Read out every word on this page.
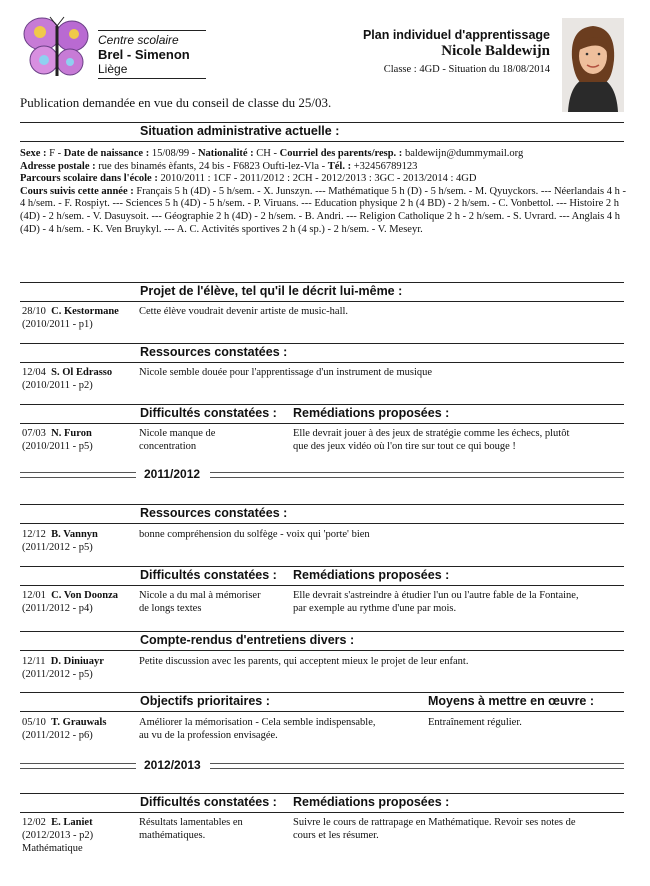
Centre scolaire
Brel - Simenon
Liège
Plan individuel d'apprentissage
Nicole Baldewijn
Classe : 4GD - Situation du 18/08/2014
Publication demandée en vue du conseil de classe du 25/03.
Situation administrative actuelle :
Sexe : F - Date de naissance : 15/08/99 - Nationalité : CH - Courriel des parents/resp. : baldewijn@dummymail.org
Adresse postale : rue des binamés èfants, 24 bis - F6823 Oufti-lez-Vla - Tél. : +32456789123
Parcours scolaire dans l'école : 2010/2011 : 1CF - 2011/2012 : 2CH - 2012/2013 : 3GC - 2013/2014 : 4GD
Cours suivis cette année : Français 5 h (4D) - 5 h/sem. - X. Junszyn. --- Mathématique 5 h (D) - 5 h/sem. - M. Qyuyckors. --- Néerlandais 4 h - 4 h/sem. - F. Rospiyt. --- Sciences 5 h (4D) - 5 h/sem. - P. Viruans. --- Education physique 2 h (4 BD) - 2 h/sem. - C. Vonbettol. --- Histoire 2 h (4D) - 2 h/sem. - V. Dasuysoit. --- Géographie 2 h (4D) - 2 h/sem. - B. Andri. --- Religion Catholique 2 h - 2 h/sem. - S. Uvrard. --- Anglais 4 h (4D) - 4 h/sem. - K. Ven Bruykyl. --- A. C. Activités sportives 2 h (4 sp.) - 2 h/sem. - V. Meseyr.
Projet de l'élève, tel qu'il le décrit lui-même :
28/10 C. Kestormane
(2010/2011 - p1)
Cette élève voudrait devenir artiste de music-hall.
Ressources constatées :
12/04 S. Ol Edrasso
(2010/2011 - p2)
Nicole semble douée pour l'apprentissage d'un instrument de musique
Difficultés constatées : Remédiations proposées :
07/03 N. Furon
(2010/2011 - p5)
Nicole manque de
concentration
Elle devrait jouer à des jeux de stratégie comme les échecs, plutôt
que des jeux vidéo où l'on tire sur tout ce qui bouge !
2011/2012
Ressources constatées :
12/12 B. Vannyn
(2011/2012 - p5)
bonne compréhension du solfège - voix qui 'porte' bien
Difficultés constatées : Remédiations proposées :
12/01 C. Von Doonza
(2011/2012 - p4)
Nicole a du mal à mémoriser
de longs textes
Elle devrait s'astreindre à étudier l'un ou l'autre fable de la Fontaine,
par exemple au rythme d'une par mois.
Compte-rendus d'entretiens divers :
12/11 D. Diniuayr
(2011/2012 - p5)
Petite discussion avec les parents, qui acceptent mieux le projet de leur enfant.
Objectifs prioritaires :	Moyens à mettre en œuvre :
05/10 T. Grauwals
(2011/2012 - p6)
Améliorer la mémorisation - Cela semble indispensable,
au vu de la profession envisagée.
Entraînement régulier.
2012/2013
Difficultés constatées : Remédiations proposées :
12/02 E. Laniet
(2012/2013 - p2)
Mathématique
Résultats lamentables en
mathématiques.
Suivre le cours de rattrapage en Mathématique. Revoir ses notes de
cours et les résumer.
